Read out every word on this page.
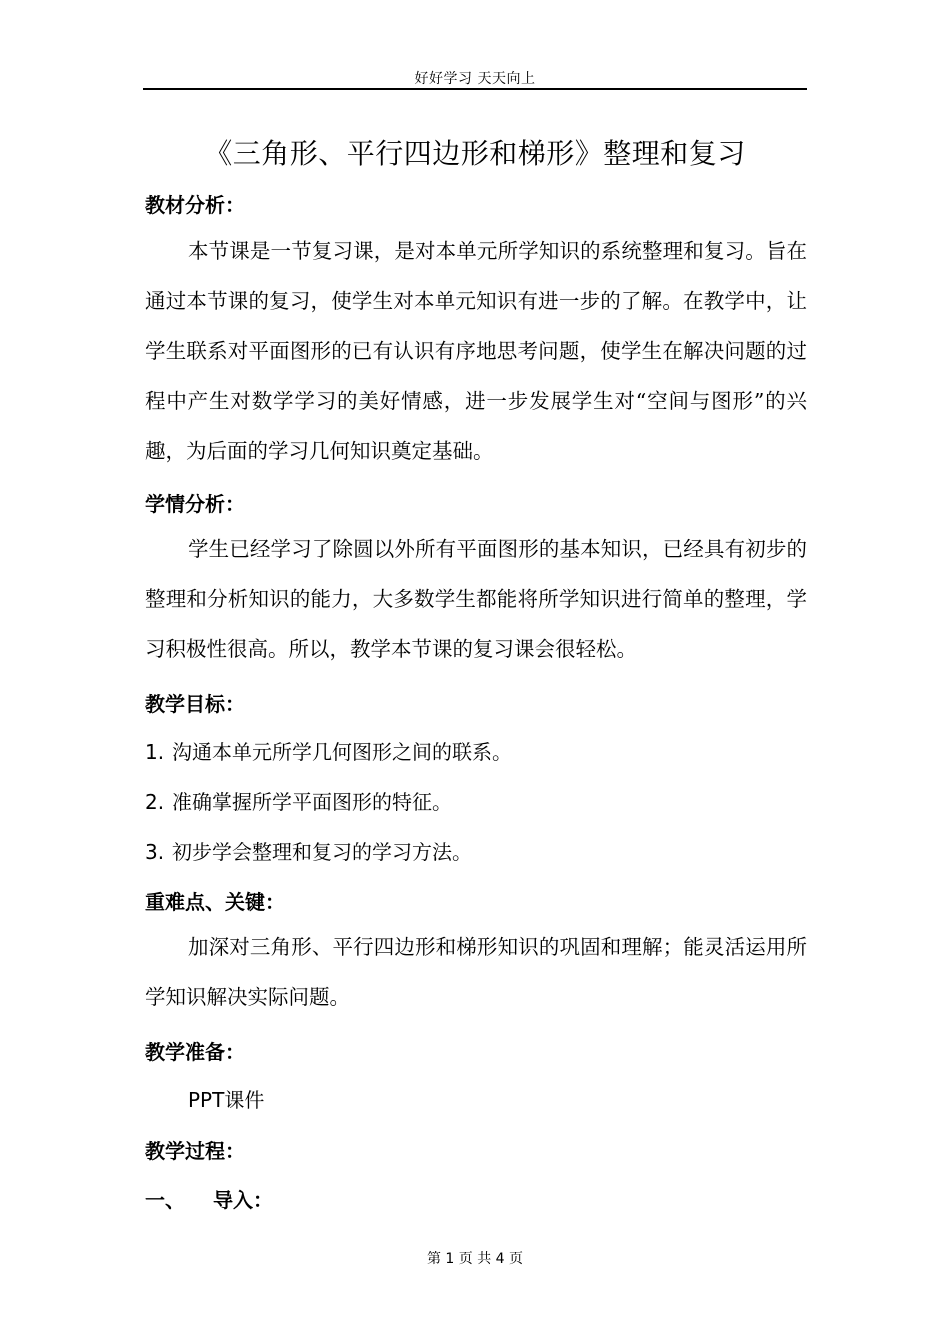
好好学习 天天向上
《三角形、平行四边形和梯形》整理和复习
教材分析：
本节课是一节复习课，是对本单元所学知识的系统整理和复习。旨在通过本节课的复习，使学生对本单元知识有进一步的了解。在教学中，让学生联系对平面图形的已有认识有序地思考问题，使学生在解决问题的过程中产生对数学学习的美好情感，进一步发展学生对“空间与图形”的兴趣，为后面的学习几何知识奠定基础。
学情分析：
学生已经学习了除圆以外所有平面图形的基本知识，已经具有初步的整理和分析知识的能力，大多数学生都能将所学知识进行简单的整理，学习积极性很高。所以，教学本节课的复习课会很轻松。
教学目标：
1. 沟通本单元所学几何图形之间的联系。
2. 准确掌握所学平面图形的特征。
3. 初步学会整理和复习的学习方法。
重难点、关键：
加深对三角形、平行四边形和梯形知识的巩固和理解；能灵活运用所学知识解决实际问题。
教学准备：
PPT课件
教学过程：
一、 导入：
第 1 页 共 4 页
